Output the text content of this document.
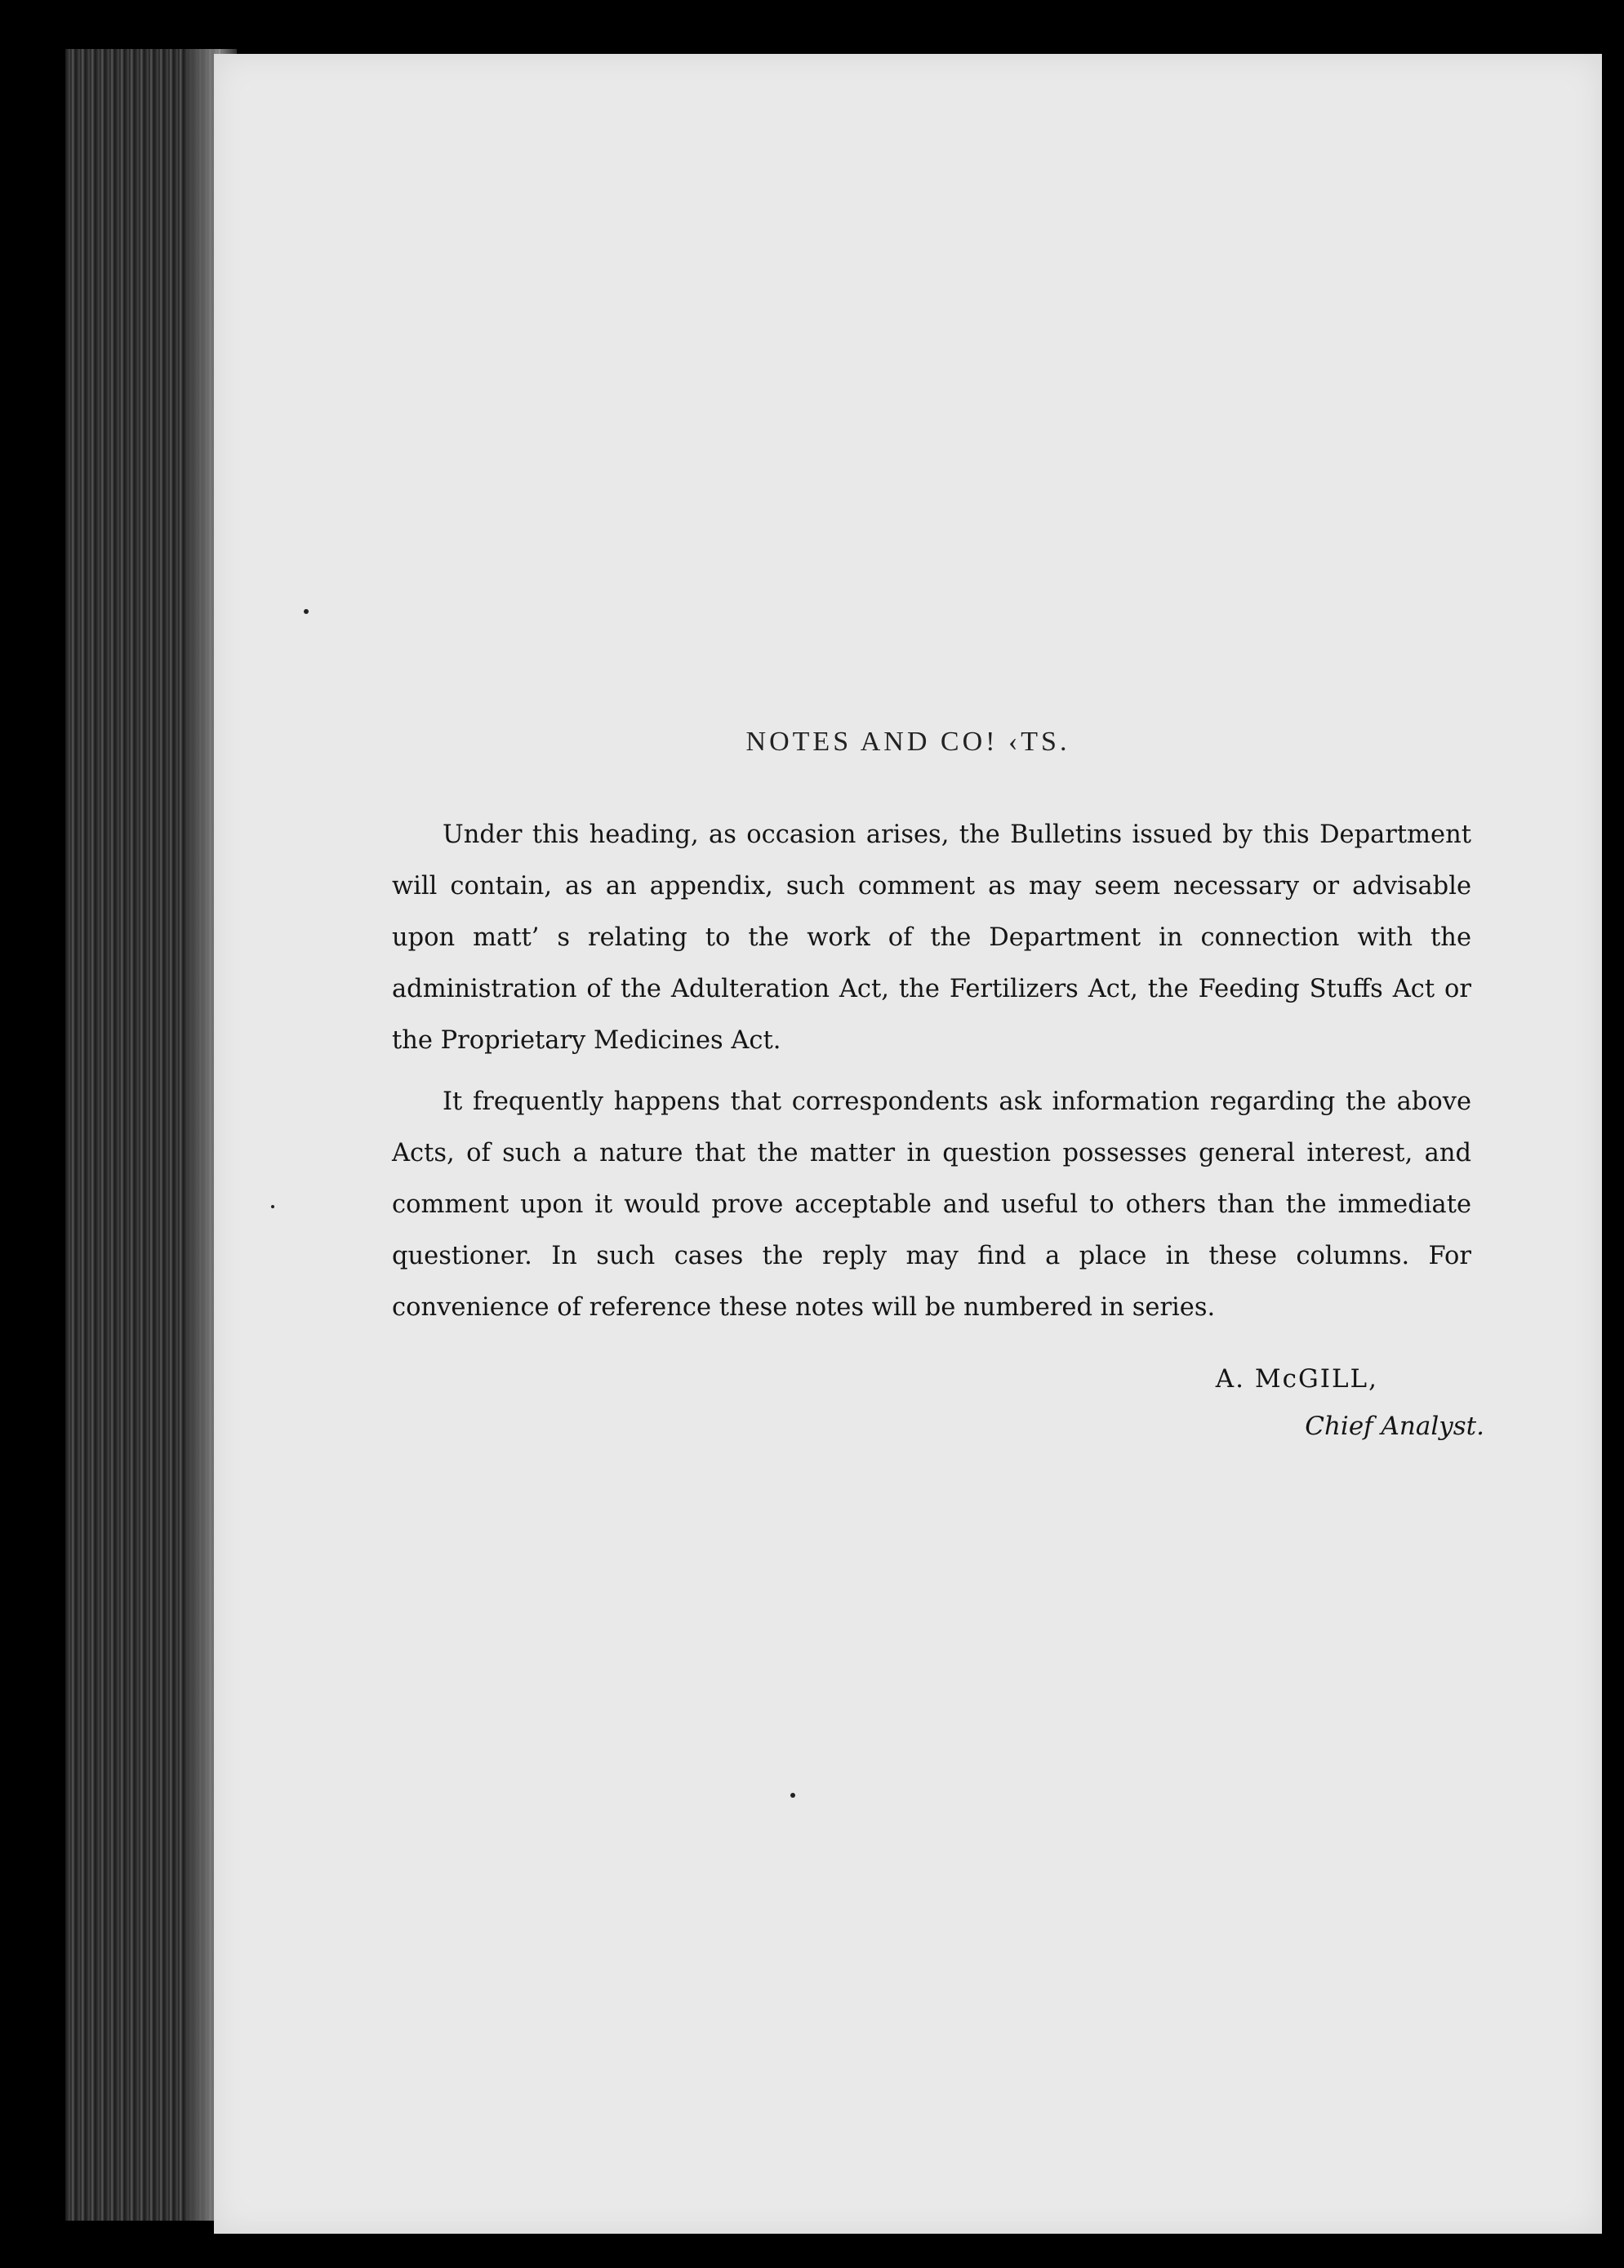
NOTES AND CO! ‹TS.

Under this heading, as occasion arises, the Bulletins issued by this Department will contain, as an appendix, such comment as may seem necessary or advisable upon matt’ s relating to the work of the Department in connection with the administration of the Adulteration Act, the Fertilizers Act, the Feeding Stuffs Act or the Proprietary Medicines Act.

It frequently happens that correspondents ask information regarding the above Acts, of such a nature that the matter in question possesses general interest, and comment upon it would prove acceptable and useful to others than the immediate questioner. In such cases the reply may find a place in these columns. For convenience of reference these notes will be numbered in series.

A. McGILL,
Chief Analyst.
